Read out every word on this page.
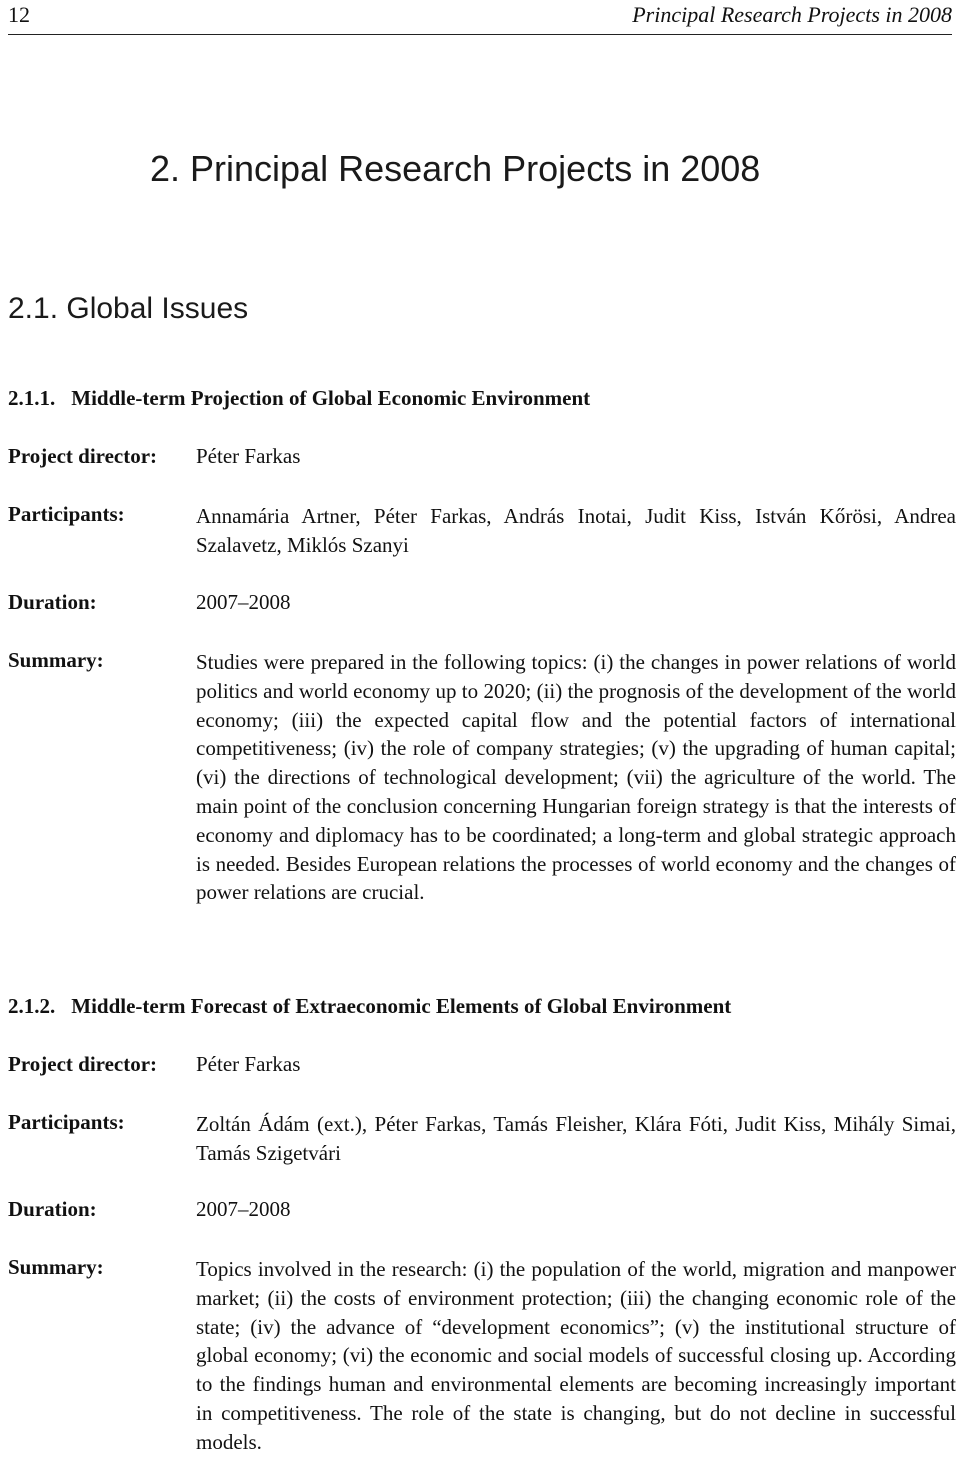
12	Principal Research Projects in 2008
2. Principal Research Projects in 2008
2.1. Global Issues
2.1.1. Middle-term Projection of Global Economic Environment
Project director: Péter Farkas
Participants:	Annamária Artner, Péter Farkas, András Inotai, Judit Kiss, István Kőrösi, Andrea Szalavetz, Miklós Szanyi
Duration:	2007–2008
Summary:	Studies were prepared in the following topics: (i) the changes in power relations of world politics and world economy up to 2020; (ii) the prognosis of the development of the world economy; (iii) the expected capital flow and the potential factors of international competitiveness; (iv) the role of company strategies; (v) the upgrading of human capital; (vi) the directions of technological development; (vii) the agriculture of the world. The main point of the conclusion concerning Hungarian foreign strategy is that the interests of economy and diplomacy has to be coordinated; a long-term and global strategic approach is needed. Besides European relations the processes of world economy and the changes of power relations are crucial.
2.1.2. Middle-term Forecast of Extraeconomic Elements of Global Environment
Project director: Péter Farkas
Participants:	Zoltán Ádám (ext.), Péter Farkas, Tamás Fleisher, Klára Fóti, Judit Kiss, Mihály Simai, Tamás Szigetvári
Duration:	2007–2008
Summary:	Topics involved in the research: (i) the population of the world, migration and manpower market; (ii) the costs of environment protection; (iii) the changing economic role of the state; (iv) the advance of “development economics”; (v) the institutional structure of global economy; (vi) the economic and social models of successful closing up. According to the findings human and environmental elements are becoming increasingly important in competitiveness. The role of the state is changing, but do not decline in successful models.
